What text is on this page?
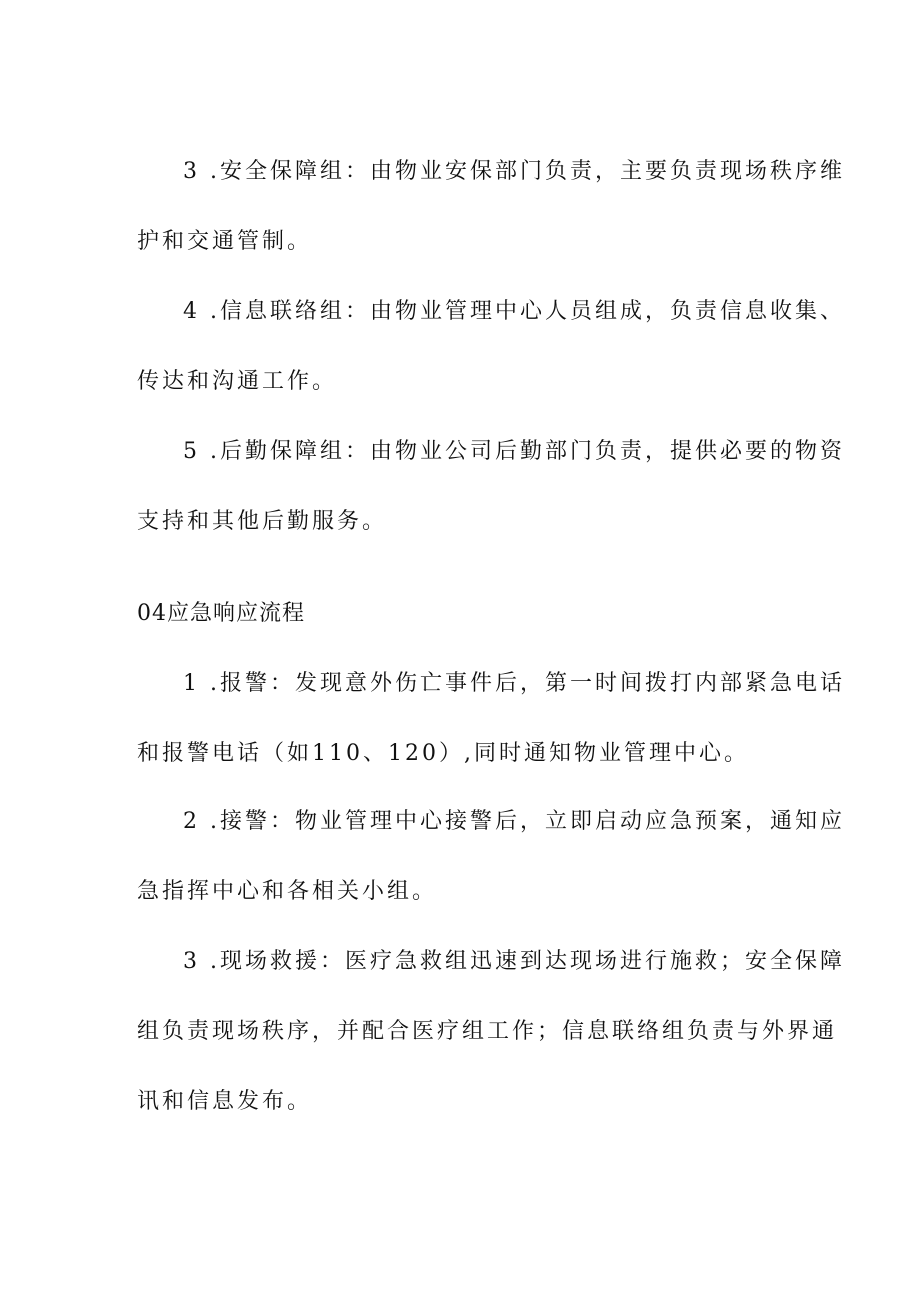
3 .安全保障组：由物业安保部门负责，主要负责现场秩序维
护和交通管制。
4 .信息联络组：由物业管理中心人员组成，负责信息收集、
传达和沟通工作。
5 .后勤保障组：由物业公司后勤部门负责，提供必要的物资
支持和其他后勤服务。
04应急响应流程
1 .报警：发现意外伤亡事件后，第一时间拨打内部紧急电话
和报警电话（如110、120）,同时通知物业管理中心。
2 .接警：物业管理中心接警后，立即启动应急预案，通知应
急指挥中心和各相关小组。
3 .现场救援：医疗急救组迅速到达现场进行施救；安全保障
组负责现场秩序，并配合医疗组工作；信息联络组负责与外界通
讯和信息发布。
